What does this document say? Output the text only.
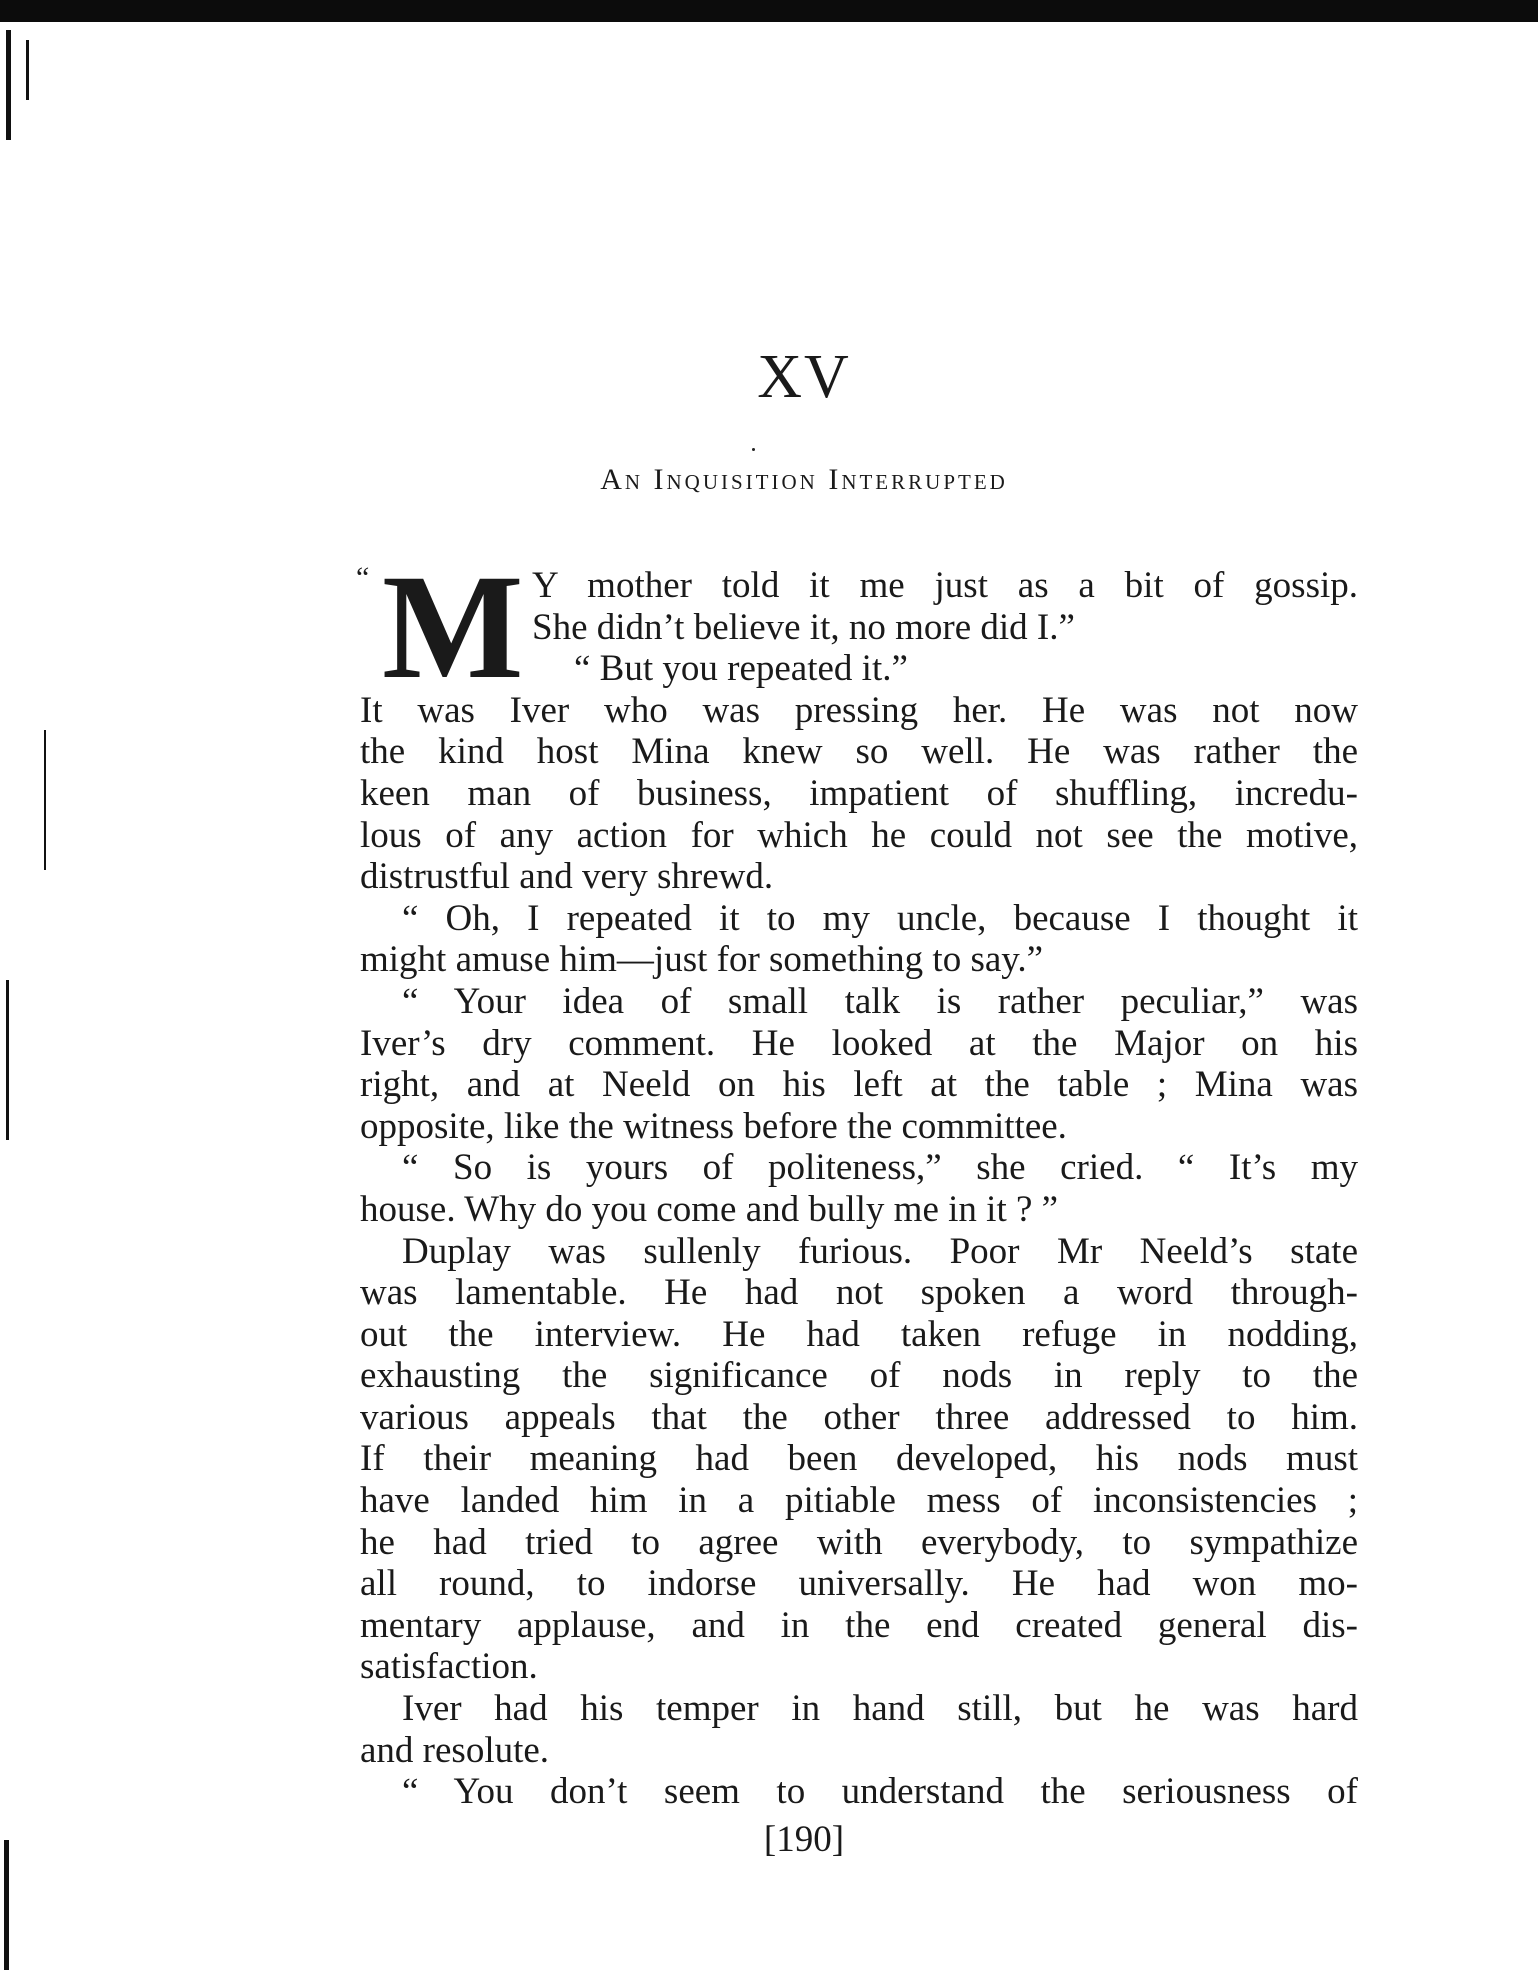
XV
An Inquisition Interrupted
“ M Y mother told it me just as a bit of gossip.
She didn’t believe it, no more did I.”
“ But you repeated it.”
It was Iver who was pressing her. He was not now
the kind host Mina knew so well. He was rather the
keen man of business, impatient of shuffling, incredu-
lous of any action for which he could not see the motive,
distrustful and very shrewd.
“ Oh, I repeated it to my uncle, because I thought it
might amuse him—just for something to say.”
“ Your idea of small talk is rather peculiar,” was
Iver’s dry comment. He looked at the Major on his
right, and at Neeld on his left at the table ; Mina was
opposite, like the witness before the committee.
“ So is yours of politeness,” she cried. “ It’s my
house. Why do you come and bully me in it ? ”
Duplay was sullenly furious. Poor Mr Neeld’s state
was lamentable. He had not spoken a word through-
out the interview. He had taken refuge in nodding,
exhausting the significance of nods in reply to the
various appeals that the other three addressed to him.
If their meaning had been developed, his nods must
have landed him in a pitiable mess of inconsistencies ;
he had tried to agree with everybody, to sympathize
all round, to indorse universally. He had won mo-
mentary applause, and in the end created general dis-
satisfaction.
Iver had his temper in hand still, but he was hard
and resolute.
“ You don’t seem to understand the seriousness of
[190]
